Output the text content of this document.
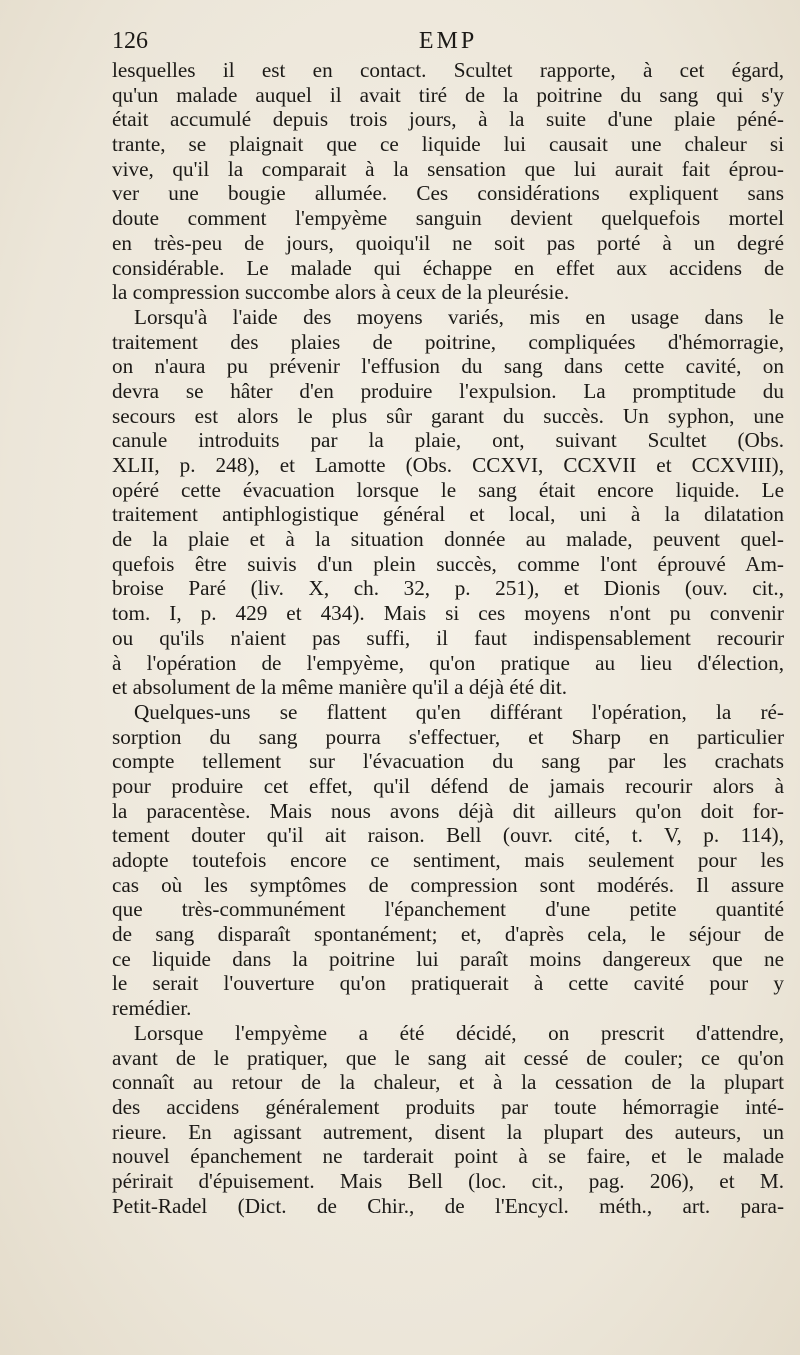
126	EMP
lesquelles il est en contact. Scultet rapporte, à cet égard,
qu'un malade auquel il avait tiré de la poitrine du sang qui s'y
était accumulé depuis trois jours, à la suite d'une plaie péné-
trante, se plaignait que ce liquide lui causait une chaleur si
vive, qu'il la comparait à la sensation que lui aurait fait éprou-
ver une bougie allumée. Ces considérations expliquent sans
doute comment l'empyème sanguin devient quelquefois mortel
en très-peu de jours, quoiqu'il ne soit pas porté à un degré
considérable. Le malade qui échappe en effet aux accidens de
la compression succombe alors à ceux de la pleurésie.
Lorsqu'à l'aide des moyens variés, mis en usage dans le
traitement des plaies de poitrine, compliquées d'hémorragie,
on n'aura pu prévenir l'effusion du sang dans cette cavité, on
devra se hâter d'en produire l'expulsion. La promptitude du
secours est alors le plus sûr garant du succès. Un syphon, une
canule introduits par la plaie, ont, suivant Scultet (Obs.
XLII, p. 248), et Lamotte (Obs. CCXVI, CCXVII et CCXVIII),
opéré cette évacuation lorsque le sang était encore liquide. Le
traitement antiphlogistique général et local, uni à la dilatation
de la plaie et à la situation donnée au malade, peuvent quel-
quefois être suivis d'un plein succès, comme l'ont éprouvé Am-
broise Paré (liv. X, ch. 32, p. 251), et Dionis (ouv. cit.,
tom. I, p. 429 et 434). Mais si ces moyens n'ont pu convenir
ou qu'ils n'aient pas suffi, il faut indispensablement recourir
à l'opération de l'empyème, qu'on pratique au lieu d'élection,
et absolument de la même manière qu'il a déjà été dit.
Quelques-uns se flattent qu'en différant l'opération, la ré-
sorption du sang pourra s'effectuer, et Sharp en particulier
compte tellement sur l'évacuation du sang par les crachats
pour produire cet effet, qu'il défend de jamais recourir alors à
la paracentèse. Mais nous avons déjà dit ailleurs qu'on doit for-
tement douter qu'il ait raison. Bell (ouvr. cité, t. V, p. 114),
adopte toutefois encore ce sentiment, mais seulement pour les
cas où les symptômes de compression sont modérés. Il assure
que très-communément l'épanchement d'une petite quantité
de sang disparaît spontanément; et, d'après cela, le séjour de
ce liquide dans la poitrine lui paraît moins dangereux que ne
le serait l'ouverture qu'on pratiquerait à cette cavité pour y
remédier.
Lorsque l'empyème a été décidé, on prescrit d'attendre,
avant de le pratiquer, que le sang ait cessé de couler; ce qu'on
connaît au retour de la chaleur, et à la cessation de la plupart
des accidens généralement produits par toute hémorragie inté-
rieure. En agissant autrement, disent la plupart des auteurs, un
nouvel épanchement ne tarderait point à se faire, et le malade
périrait d'épuisement. Mais Bell (loc. cit., pag. 206), et M.
Petit-Radel (Dict. de Chir., de l'Encycl. méth., art. para-
